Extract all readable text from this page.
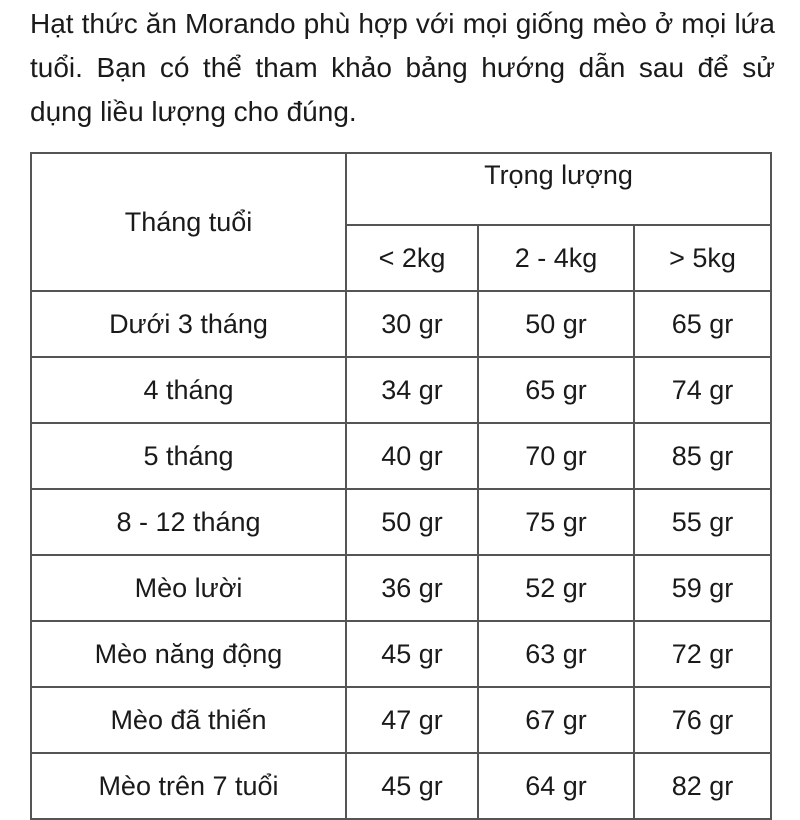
Hạt thức ăn Morando phù hợp với mọi giống mèo ở mọi lứa tuổi. Bạn có thể tham khảo bảng hướng dẫn sau để sử dụng liều lượng cho đúng.

Tháng tuổi	Trọng lượng		
	< 2kg	2 - 4kg	> 5kg
Dưới 3 tháng	30 gr	50 gr	65 gr
4 tháng	34 gr	65 gr	74 gr
5 tháng	40 gr	70 gr	85 gr
8 - 12 tháng	50 gr	75 gr	55 gr
Mèo lười	36 gr	52 gr	59 gr
Mèo năng động	45 gr	63 gr	72 gr
Mèo đã thiến	47 gr	67 gr	76 gr
Mèo trên 7 tuổi	45 gr	64 gr	82 gr
